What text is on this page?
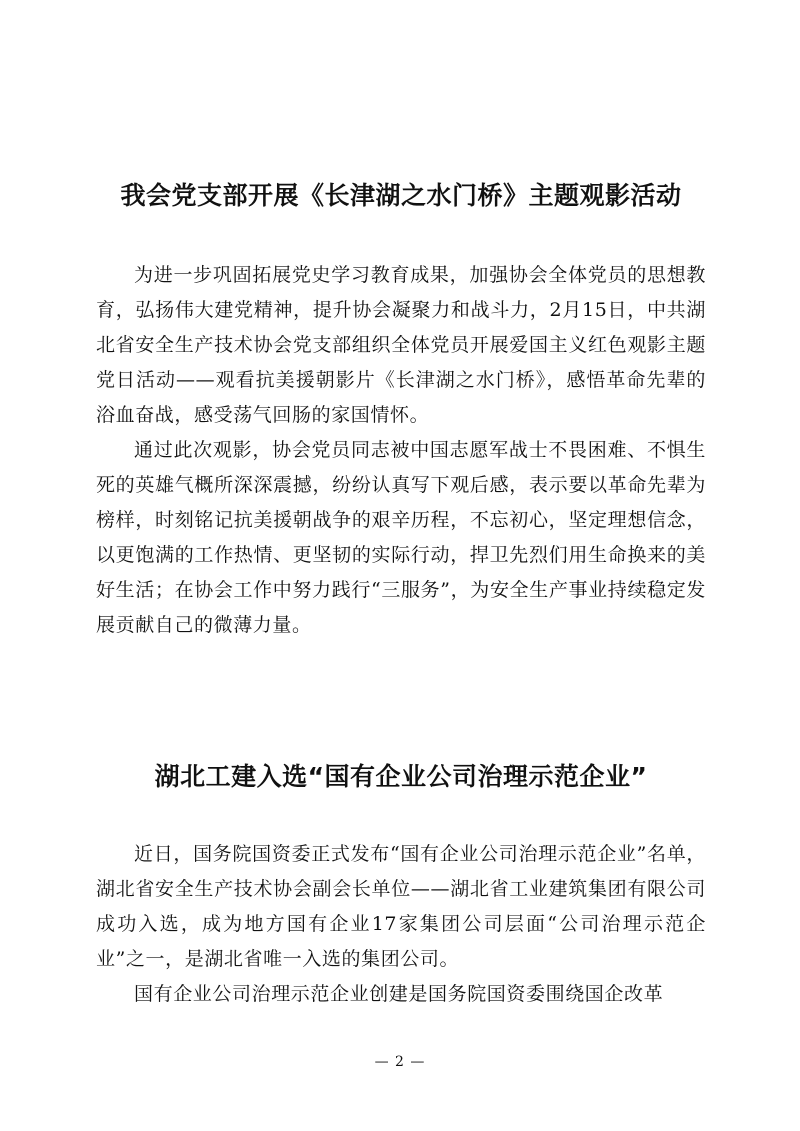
我会党支部开展《长津湖之水门桥》主题观影活动

为进一步巩固拓展党史学习教育成果，加强协会全体党员的思想教育，弘扬伟大建党精神，提升协会凝聚力和战斗力，2月15日，中共湖北省安全生产技术协会党支部组织全体党员开展爱国主义红色观影主题党日活动——观看抗美援朝影片《长津湖之水门桥》，感悟革命先辈的浴血奋战，感受荡气回肠的家国情怀。

通过此次观影，协会党员同志被中国志愿军战士不畏困难、不惧生死的英雄气概所深深震撼，纷纷认真写下观后感，表示要以革命先辈为榜样，时刻铭记抗美援朝战争的艰辛历程，不忘初心，坚定理想信念，以更饱满的工作热情、更坚韧的实际行动，捍卫先烈们用生命换来的美好生活；在协会工作中努力践行“三服务”，为安全生产事业持续稳定发展贡献自己的微薄力量。

湖北工建入选“国有企业公司治理示范企业”

近日，国务院国资委正式发布“国有企业公司治理示范企业”名单，湖北省安全生产技术协会副会长单位——湖北省工业建筑集团有限公司成功入选，成为地方国有企业17家集团公司层面“公司治理示范企业”之一，是湖北省唯一入选的集团公司。

国有企业公司治理示范企业创建是国务院国资委围绕国企改革

— 2 —
